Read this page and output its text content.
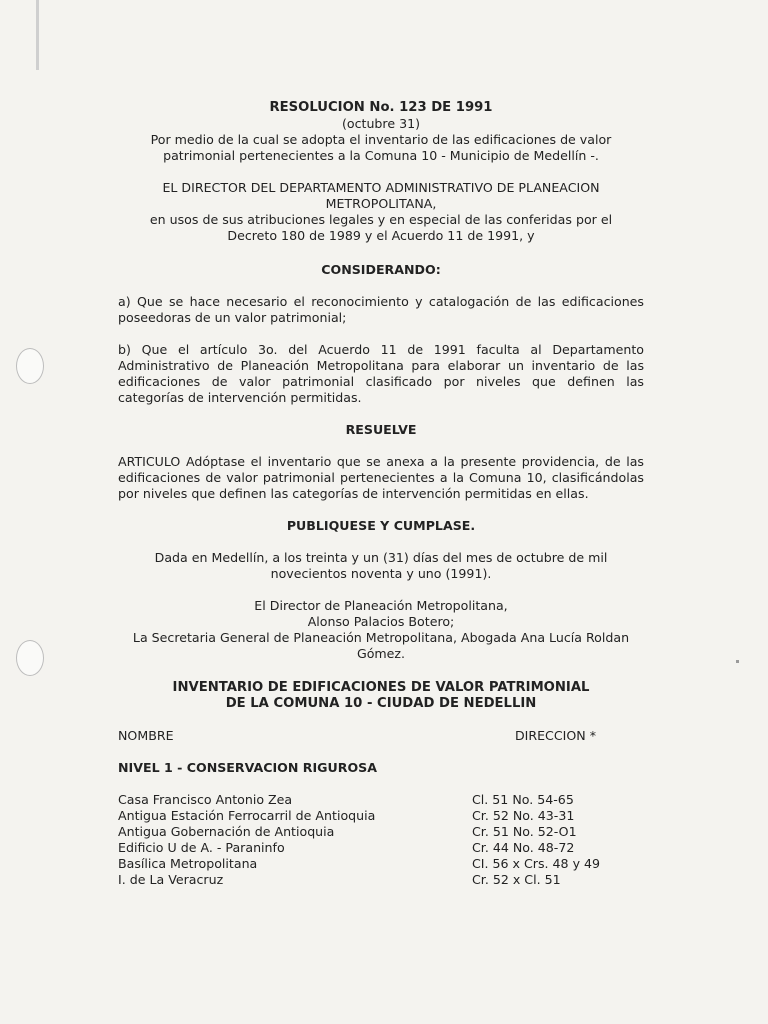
RESOLUCION No. 123 DE 1991
(octubre 31)
Por medio de la cual se adopta el inventario de las edificaciones de valor
patrimonial pertenecientes a la Comuna 10 - Municipio de Medellín -.
EL DIRECTOR DEL DEPARTAMENTO ADMINISTRATIVO DE PLANEACION
METROPOLITANA,
en usos de sus atribuciones legales y en especial de las conferidas por el
Decreto 180 de 1989 y el Acuerdo 11 de 1991, y
CONSIDERANDO:
a) Que se hace necesario el reconocimiento y catalogación de las edificaciones poseedoras de un valor patrimonial;
b) Que el artículo 3o. del Acuerdo 11 de 1991 faculta al Departamento Administrativo de Planeación Metropolitana para elaborar un inventario de las edificaciones de valor patrimonial clasificado por niveles que definen las categorías de intervención permitidas.
RESUELVE
ARTICULO Adóptase el inventario que se anexa a la presente providencia, de las edificaciones de valor patrimonial pertenecientes a la Comuna 10, clasificándolas por niveles que definen las categorías de intervención permitidas en ellas.
PUBLIQUESE Y CUMPLASE.
Dada en Medellín, a los treinta y un (31) días del mes de octubre de mil
novecientos noventa y uno (1991).
El Director de Planeación Metropolitana,
Alonso Palacios Botero;
La Secretaria General de Planeación Metropolitana, Abogada Ana Lucía Roldan
Gómez.
INVENTARIO DE EDIFICACIONES DE VALOR PATRIMONIAL
DE LA COMUNA 10 - CIUDAD DE NEDELLIN
NOMBRE	DIRECCION *
NIVEL 1 - CONSERVACION RIGUROSA
Casa Francisco Antonio Zea	Cl. 51 No. 54-65
Antigua Estación Ferrocarril de Antioquia	Cr. 52 No. 43-31
Antigua Gobernación de Antioquia	Cr. 51 No. 52-O1
Edificio U de A. - Paraninfo	Cr. 44 No. 48-72
Basílica Metropolitana	CI. 56 x Crs. 48 y 49
I. de La Veracruz	Cr. 52 x Cl. 51
